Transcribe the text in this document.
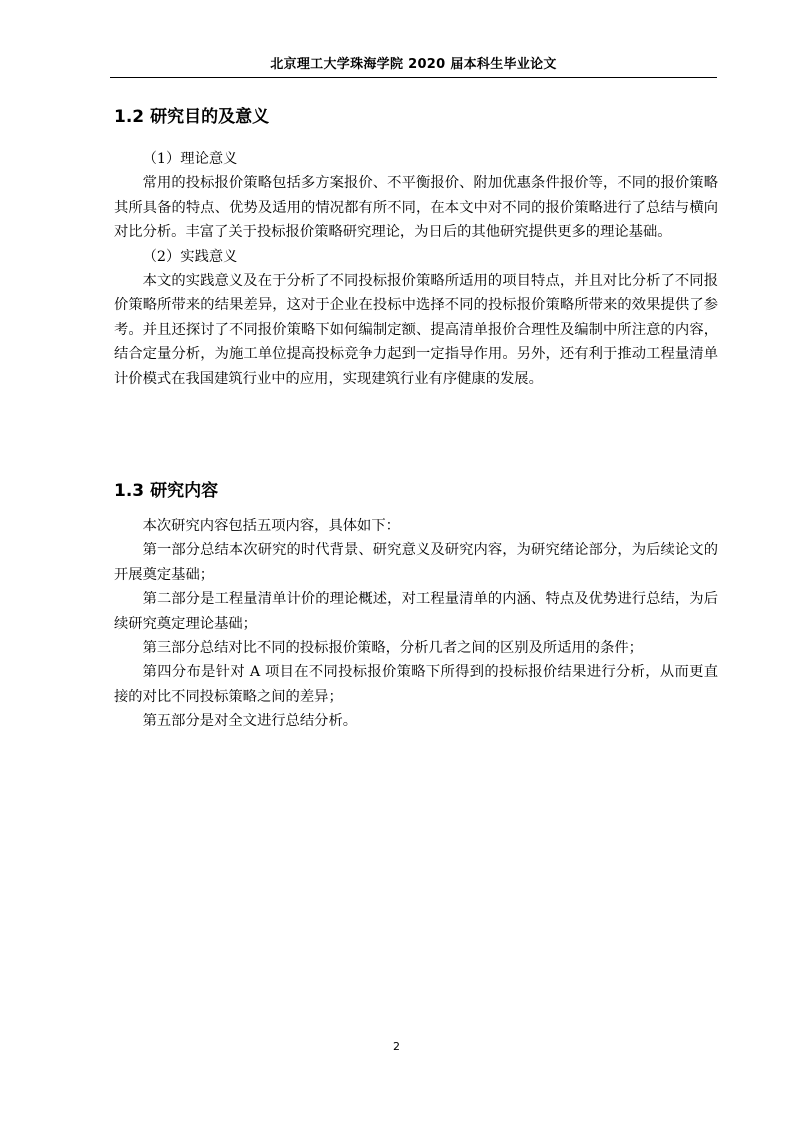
北京理工大学珠海学院 2020 届本科生毕业论文
1.2 研究目的及意义

（1）理论意义

常用的投标报价策略包括多方案报价、不平衡报价、附加优惠条件报价等，不同的报价策略其所具备的特点、优势及适用的情况都有所不同，在本文中对不同的报价策略进行了总结与横向对比分析。丰富了关于投标报价策略研究理论，为日后的其他研究提供更多的理论基础。

（2）实践意义

本文的实践意义及在于分析了不同投标报价策略所适用的项目特点，并且对比分析了不同报价策略所带来的结果差异，这对于企业在投标中选择不同的投标报价策略所带来的效果提供了参考。并且还探讨了不同报价策略下如何编制定额、提高清单报价合理性及编制中所注意的内容，结合定量分析，为施工单位提高投标竞争力起到一定指导作用。另外，还有利于推动工程量清单计价模式在我国建筑行业中的应用，实现建筑行业有序健康的发展。

1.3 研究内容

本次研究内容包括五项内容，具体如下：

第一部分总结本次研究的时代背景、研究意义及研究内容，为研究绪论部分，为后续论文的开展奠定基础；

第二部分是工程量清单计价的理论概述，对工程量清单的内涵、特点及优势进行总结，为后续研究奠定理论基础；

第三部分总结对比不同的投标报价策略，分析几者之间的区别及所适用的条件；

第四分布是针对 A 项目在不同投标报价策略下所得到的投标报价结果进行分析，从而更直接的对比不同投标策略之间的差异；

第五部分是对全文进行总结分析。

2
